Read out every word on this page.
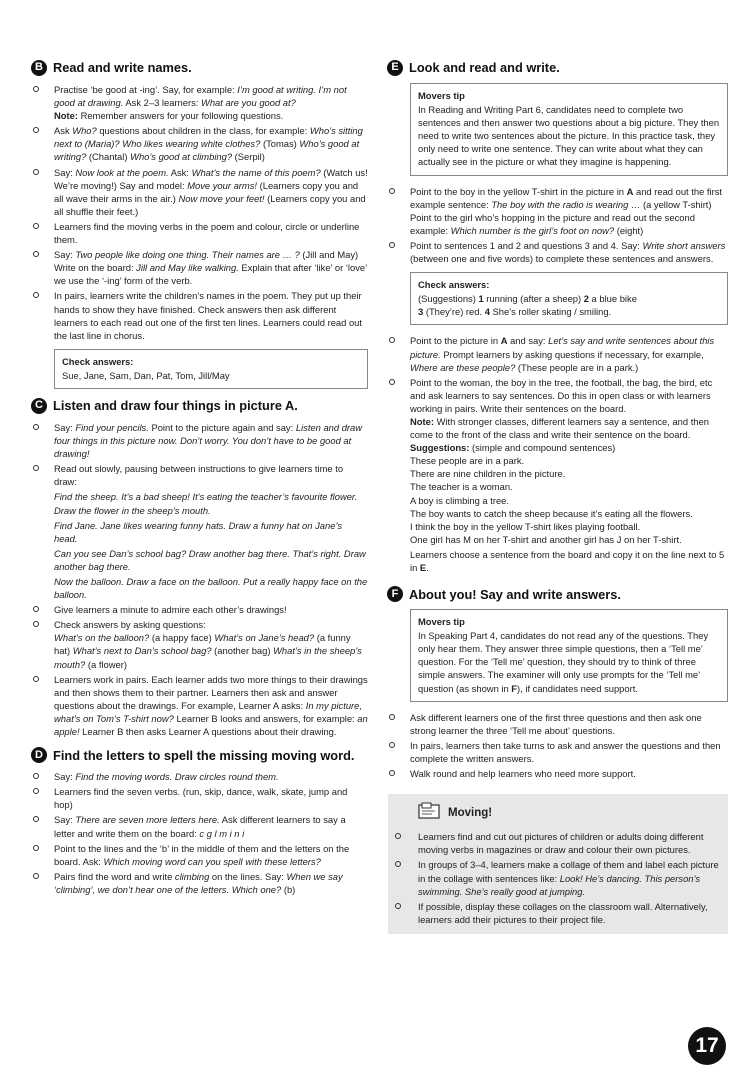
B Read and write names.
Practise ‘be good at -ing’. Say, for example: I’m good at writing. I’m not good at drawing. Ask 2–3 learners: What are you good at?
Note: Remember answers for your following questions.
Ask Who? questions about children in the class, for example: Who’s sitting next to (Maria)? Who likes wearing white clothes? (Tomas) Who’s good at writing? (Chantal) Who’s good at climbing? (Serpil)
Say: Now look at the poem. Ask: What’s the name of this poem? (Watch us! We’re moving!) Say and model: Move your arms! (Learners copy you and all wave their arms in the air.) Now move your feet! (Learners copy you and all shuffle their feet.)
Learners find the moving verbs in the poem and colour, circle or underline them.
Say: Two people like doing one thing. Their names are … ? (Jill and May) Write on the board: Jill and May like walking. Explain that after ‘like’ or ‘love’ we use the ‘-ing’ form of the verb.
In pairs, learners write the children’s names in the poem. They put up their hands to show they have finished. Check answers then ask different learners to each read out one of the first ten lines. Learners could read out the last line in chorus.
Check answers:
Sue, Jane, Sam, Dan, Pat, Tom, Jill/May
C Listen and draw four things in picture A.
Say: Find your pencils. Point to the picture again and say: Listen and draw four things in this picture now. Don’t worry. You don’t have to be good at drawing!
Read out slowly, pausing between instructions to give learners time to draw:
Find the sheep. It’s a bad sheep! It’s eating the teacher’s favourite flower. Draw the flower in the sheep’s mouth.
Find Jane. Jane likes wearing funny hats. Draw a funny hat on Jane’s head.
Can you see Dan’s school bag? Draw another bag there. That’s right. Draw another bag there.
Now the balloon. Draw a face on the balloon. Put a really happy face on the balloon.
Give learners a minute to admire each other’s drawings!
Check answers by asking questions:
What’s on the balloon? (a happy face) What’s on Jane’s head? (a funny hat) What’s next to Dan’s school bag? (another bag) What’s in the sheep’s mouth? (a flower)
Learners work in pairs. Each learner adds two more things to their drawings and then shows them to their partner. Learners then ask and answer questions about the drawings. For example, Learner A asks: In my picture, what’s on Tom’s T-shirt now? Learner B looks and answers, for example: an apple! Learner B then asks Learner A questions about their drawing.
D Find the letters to spell the missing moving word.
Say: Find the moving words. Draw circles round them.
Learners find the seven verbs. (run, skip, dance, walk, skate, jump and hop)
Say: There are seven more letters here. Ask different learners to say a letter and write them on the board: c g l m i n i
Point to the lines and the ‘b’ in the middle of them and the letters on the board. Ask: Which moving word can you spell with these letters?
Pairs find the word and write climbing on the lines. Say: When we say ‘climbing’, we don’t hear one of the letters. Which one? (b)
E Look and read and write.
Movers tip
In Reading and Writing Part 6, candidates need to complete two sentences and then answer two questions about a big picture. They then need to write two sentences about the picture. In this practice task, they only need to write one sentence. They can write about what they can actually see in the picture or what they imagine is happening.
Point to the boy in the yellow T-shirt in the picture in A and read out the first example sentence: The boy with the radio is wearing … (a yellow T-shirt) Point to the girl who’s hopping in the picture and read out the second example: Which number is the girl’s foot on now? (eight)
Point to sentences 1 and 2 and questions 3 and 4. Say: Write short answers (between one and five words) to complete these sentences and answers.
Check answers:
(Suggestions) 1 running (after a sheep) 2 a blue bike
3 (They’re) red. 4 She’s roller skating / smiling.
Point to the picture in A and say: Let’s say and write sentences about this picture. Prompt learners by asking questions if necessary, for example, Where are these people? (These people are in a park.)
Point to the woman, the boy in the tree, the football, the bag, the bird, etc and ask learners to say sentences. Do this in open class or with learners working in pairs. Write their sentences on the board.
Note: With stronger classes, different learners say a sentence, and then come to the front of the class and write their sentence on the board.
Suggestions: (simple and compound sentences)
These people are in a park.
There are nine children in the picture.
The teacher is a woman.
A boy is climbing a tree.
The boy wants to catch the sheep because it’s eating all the flowers.
I think the boy in the yellow T-shirt likes playing football.
One girl has M on her T-shirt and another girl has J on her T-shirt.
Learners choose a sentence from the board and copy it on the line next to 5 in E.
F About you! Say and write answers.
Movers tip
In Speaking Part 4, candidates do not read any of the questions. They only hear them. They answer three simple questions, then a ‘Tell me’ question. For the ‘Tell me’ question, they should try to think of three simple answers. The examiner will only use prompts for the ‘Tell me’ question (as shown in F), if candidates need support.
Ask different learners one of the first three questions and then ask one strong learner the three ‘Tell me about’ questions.
In pairs, learners then take turns to ask and answer the questions and then complete the written answers.
Walk round and help learners who need more support.
Moving!
Learners find and cut out pictures of children or adults doing different moving verbs in magazines or draw and colour their own pictures.
In groups of 3–4, learners make a collage of them and label each picture in the collage with sentences like: Look! He’s dancing. This person’s swimming. She’s really good at jumping.
If possible, display these collages on the classroom wall. Alternatively, learners add their pictures to their project file.
17
